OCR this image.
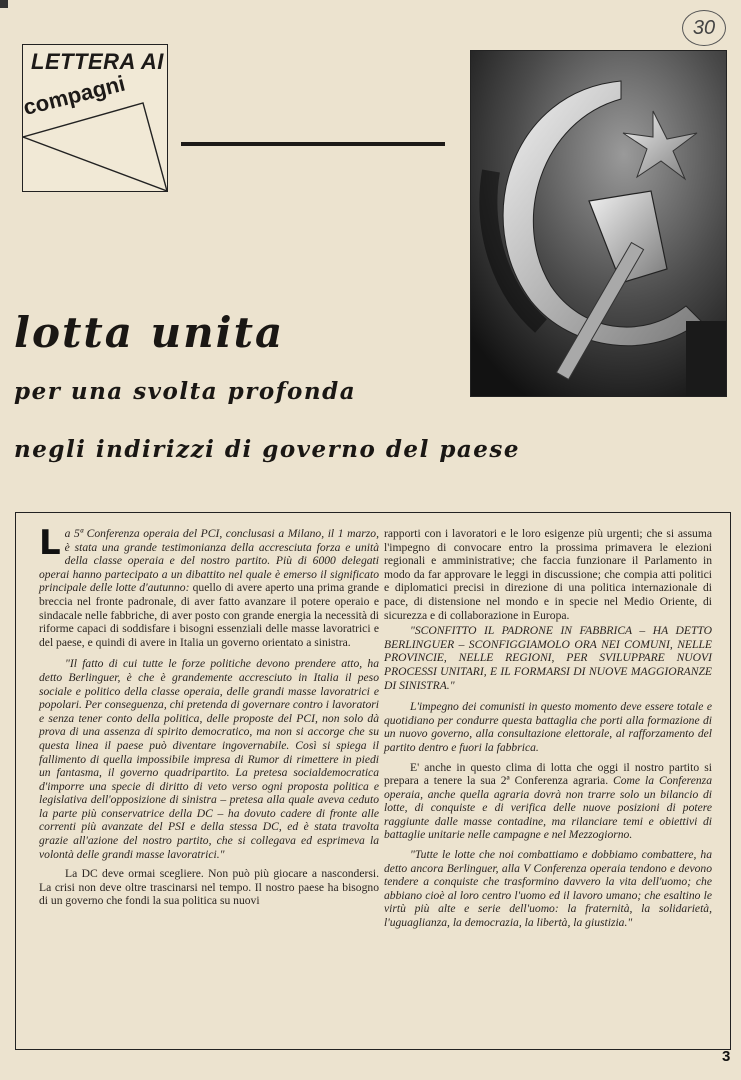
30
LETTERA AI
compagni
lotta unita
per una svolta profonda
negli indirizzi di governo del paese

La 5ª Conferenza operaia del PCI, conclusasi a Milano, il 1 marzo, è stata una grande testimonianza della accresciuta forza e unità della classe operaia e del nostro partito. Più di 6000 delegati operai hanno partecipato a un dibattito nel quale è emerso il significato principale delle lotte d'autunno: quello di avere aperto una prima grande breccia nel fronte padronale, di aver fatto avanzare il potere operaio e sindacale nelle fabbriche, di aver posto con grande energia la necessità di riforme capaci di soddisfare i bisogni essenziali delle masse lavoratrici e del paese, e quindi di avere in Italia un governo orientato a sinistra.

"Il fatto di cui tutte le forze politiche devono prendere atto, ha detto Berlinguer, è che è grandemente accresciuto in Italia il peso sociale e politico della classe operaia, delle grandi masse lavoratrici e popolari. Per conseguenza, chi pretenda di governare contro i lavoratori e senza tener conto della politica, delle proposte del PCI, non solo dà prova di una assenza di spirito democratico, ma non si accorge che su questa linea il paese può diventare ingovernabile. Così si spiega il fallimento di quella impossibile impresa di Rumor di rimettere in piedi un fantasma, il governo quadripartito. La pretesa socialdemocratica d'imporre una specie di diritto di veto verso ogni proposta politica e legislativa dell'opposizione di sinistra – pretesa alla quale aveva ceduto la parte più conservatrice della DC – ha dovuto cadere di fronte alle correnti più avanzate del PSI e della stessa DC, ed è stata travolta grazie all'azione del nostro partito, che si collegava ed esprimeva la volontà delle grandi masse lavoratrici."

La DC deve ormai scegliere. Non può più giocare a nascondersi. La crisi non deve oltre trascinarsi nel tempo. Il nostro paese ha bisogno di un governo che fondi la sua politica su nuovi

rapporti con i lavoratori e le loro esigenze più urgenti; che si assuma l'impegno di convocare entro la prossima primavera le elezioni regionali e amministrative; che faccia funzionare il Parlamento in modo da far approvare le leggi in discussione; che compia atti politici e diplomatici precisi in direzione di una politica internazionale di pace, di distensione nel mondo e in specie nel Medio Oriente, di sicurezza e di collaborazione in Europa.

"SCONFITTO IL PADRONE IN FABBRICA – HA DETTO BERLINGUER – SCONFIGGIAMOLO ORA NEI COMUNI, NELLE PROVINCIE, NELLE REGIONI, PER SVILUPPARE NUOVI PROCESSI UNITARI, E IL FORMARSI DI NUOVE MAGGIORANZE DI SINISTRA."

L'impegno dei comunisti in questo momento deve essere totale e quotidiano per condurre questa battaglia che porti alla formazione di un nuovo governo, alla consultazione elettorale, al rafforzamento del partito dentro e fuori la fabbrica.

E' anche in questo clima di lotta che oggi il nostro partito si prepara a tenere la sua 2ª Conferenza agraria. Come la Conferenza operaia, anche quella agraria dovrà non trarre solo un bilancio di lotte, di conquiste e di verifica delle nuove posizioni di potere raggiunte dalle masse contadine, ma rilanciare temi e obiettivi di battaglie unitarie nelle campagne e nel Mezzogiorno.

"Tutte le lotte che noi combattiamo e dobbiamo combattere, ha detto ancora Berlinguer, alla V Conferenza operaia tendono e devono tendere a conquiste che trasformino davvero la vita dell'uomo; che abbiano cioè al loro centro l'uomo ed il lavoro umano; che esaltino le virtù più alte e serie dell'uomo: la fraternità, la solidarietà, l'uguaglianza, la democrazia, la libertà, la giustizia."

3
